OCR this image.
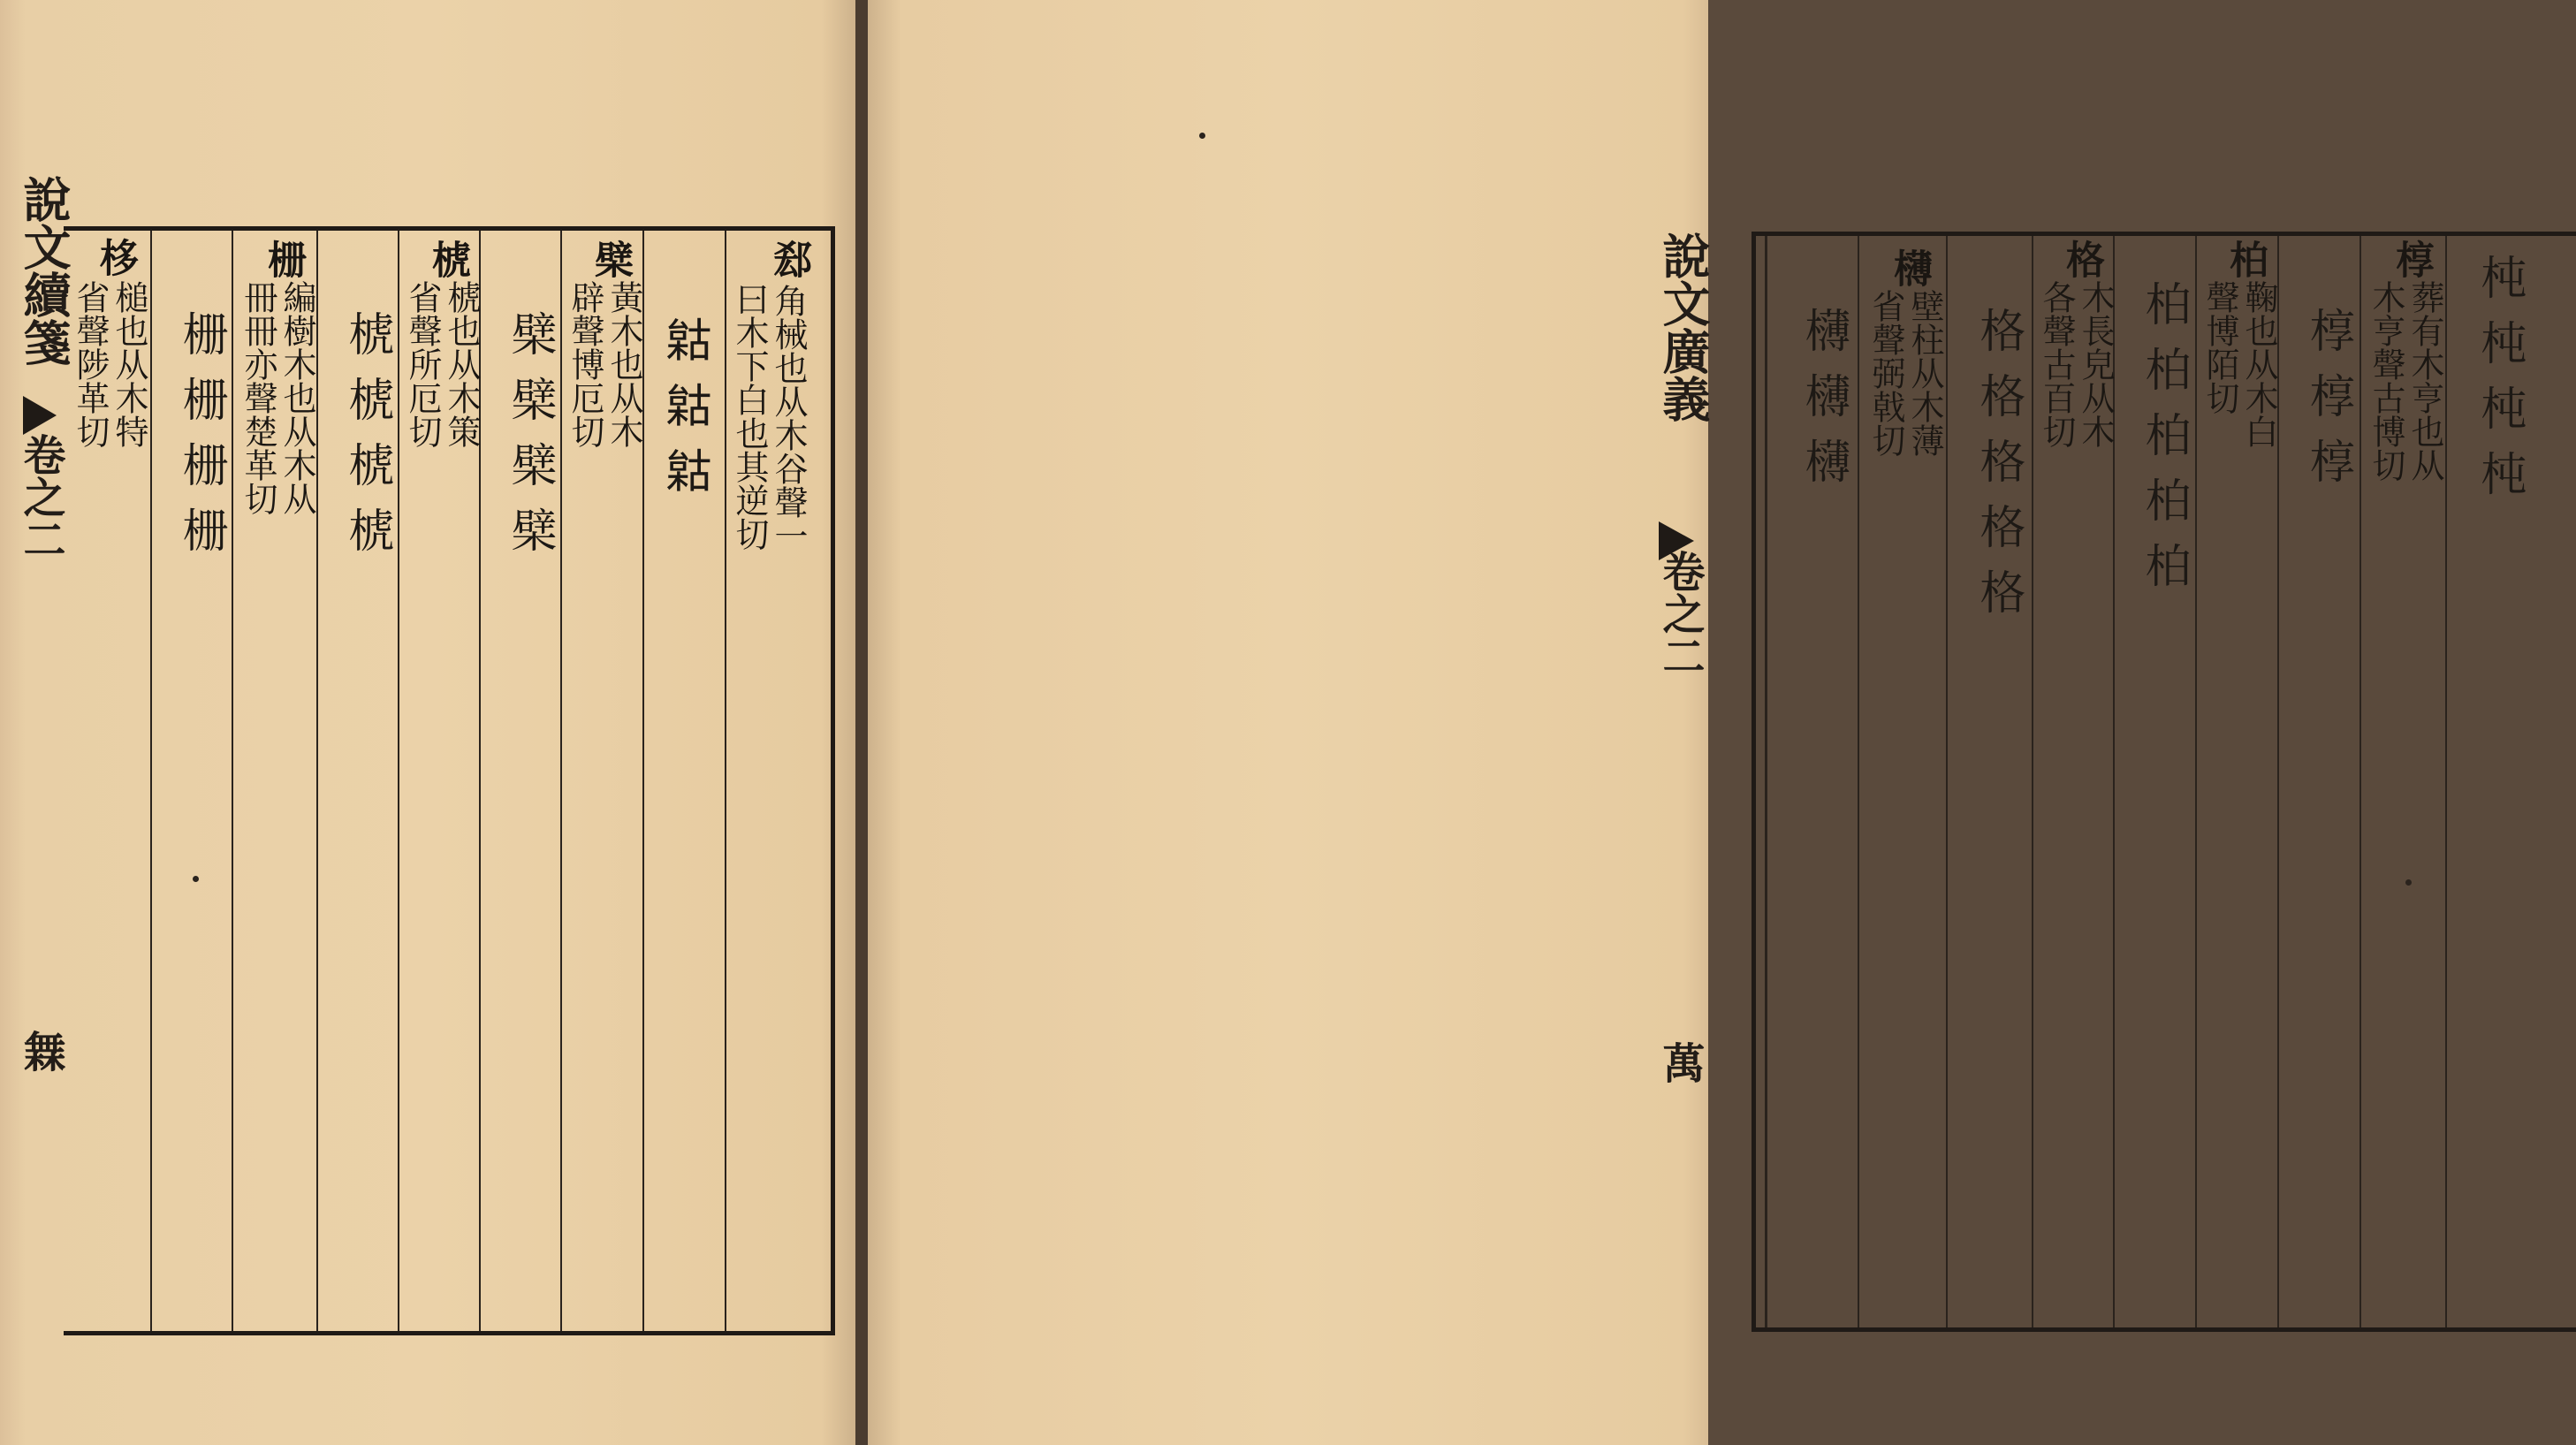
說文續箋
卷之二
橆
郄
角械也从木谷聲一
曰木下白也其逆切
𣗺𣗺𣗺
檗
黃木也从木
辟聲博厄切
檗檗檗檗
椃
椃也从木策
省聲所厄切
椃椃椃椃
栅
編樹木也从木从
冊冊亦聲楚革切
栅栅栅栅
栘
槌也从木特
省聲陟革切	說文廣義
卷之二
萬
杶杶杶杶
椁
葬有木亨也从
木亨聲古博切
椁椁椁
柏
鞠也从木白
聲博陌切
柏柏柏柏柏
格
木長皃从木
各聲古百切
格格格格格
欂
壁柱从木薄
省聲弼戟切
欂欂欂
